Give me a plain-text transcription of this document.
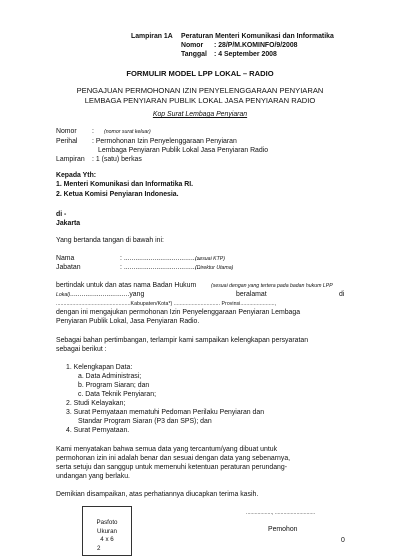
Lampiran 1A Peraturan Menteri Komunikasi dan Informatika
Nomor : 28/P/M.KOMINFO/9/2008
Tanggal : 4 September 2008
FORMULIR MODEL LPP LOKAL – RADIO
PENGAJUAN PERMOHONAN IZIN PENYELENGGARAAN PENYIARAN
LEMBAGA PENYIARAN PUBLIK LOKAL JASA PENYIARAN RADIO
Kop Surat Lembaga Penyiaran
Nomor : (nomor surat keluar)
Perihal : Permohonan Izin Penyelenggaraan Penyiaran
Lembaga Penyiaran Publik Lokal Jasa Penyiaran Radio
Lampiran : 1 (satu) berkas
Kepada Yth:
1. Menteri Komunikasi dan Informatika RI.
2. Ketua Komisi Penyiaran Indonesia.
di -
Jakarta
Yang bertanda tangan di bawah ini:
Nama	: ........................................
(sesuai KTP)
Jabatan	: ........................................
(Direktur Utama)
bertindak untuk dan atas nama Badan Hukum	(sesuai dengan yang tertera pada badan hukum LPP
Lokal) ...............................yang	beralamat	di
..................................................Kabupaten/Kota*) ............................... Provinsi.......................,
dengan ini mengajukan permohonan Izin Penyelenggaraan Penyiaran Lembaga
Penyiaran Publik Lokal, Jasa Penyiaran Radio.
Sebagai bahan pertimbangan, terlampir kami sampaikan kelengkapan persyaratan
sebagai berikut :
1. Kelengkapan Data:
a. Data Administrasi;
b. Program Siaran; dan
c. Data Teknik Penyiaran;
2. Studi Kelayakan;
3. Surat Pernyataan mematuhi Pedoman Perilaku Penyiaran dan
Standar Program Siaran (P3 dan SPS); dan
4. Surat Pernyataan.
Kami menyatakan bahwa semua data yang tercantum/yang dibuat untuk
permohonan izin ini adalah benar dan sesuai dengan data yang sebenarnya,
serta setuju dan sanggup untuk memenuhi ketentuan peraturan perundang-
undangan yang berlaku.
Demikian disampaikan, atas perhatiannya diucapkan terima kasih.
.................., ............................
Pemohon
Pasfoto
Ukuran
4 x 6
2
0
